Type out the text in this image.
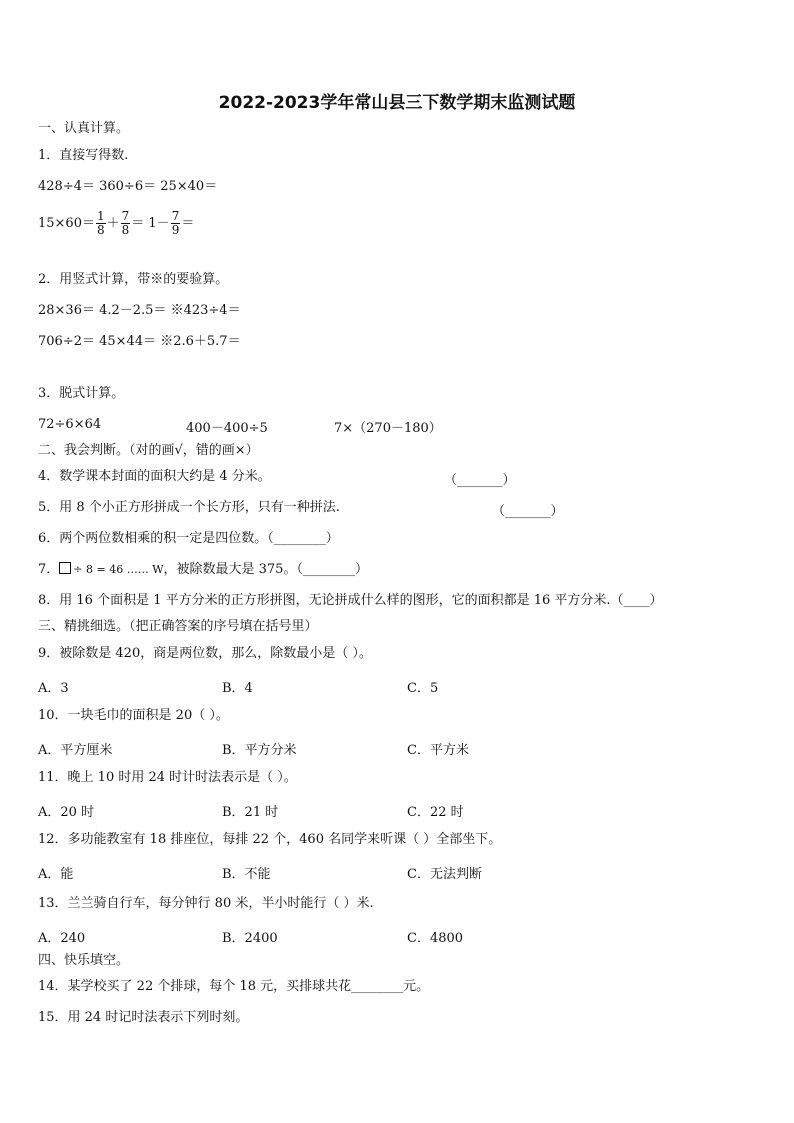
2022-2023学年常山县三下数学期末监测试题
一、认真计算。
1．直接写得数.
428÷4＝ 360÷6＝ 25×40＝
$15\times 60= \frac{1}{8} + \frac{7}{8} = 1- \frac{7}{9}$ ＝
2．用竖式计算，带※的要验算。
28×36＝ 4.2－2.5＝ ※423÷4＝
706÷2＝ 45×44＝ ※2.6＋5.7＝
3．脱式计算。
72÷6×64	400－400÷5	7×（270－180）
二、我会判断。（对的画√，错的画×）
4．数学课本封面的面积大约是 4 分米。	（_______）
5．用 8 个小正方形拼成一个长方形，只有一种拼法.	（_______）
6．两个两位数相乘的积一定是四位数。（________）
7． ÷ 8 = 46 …… W，被除数最大是 375。（________）
8．用 16 个面积是 1 平方分米的正方形拼图，无论拼成什么样的图形，它的面积都是 16 平方分米.（____）
三、精挑细选。（把正确答案的序号填在括号里）
9．被除数是 420，商是两位数，那么，除数最小是（ ）。
A．3	B．4	C．5
10．一块毛巾的面积是 20（ ）。
A．平方厘米	B．平方分米	C．平方米
11．晚上 10 时用 24 时计时法表示是（ ）。
A．20 时	B．21 时	C．22 时
12．多功能教室有 18 排座位，每排 22 个，460 名同学来听课（ ）全部坐下。
A．能	B．不能	C．无法判断
13．兰兰骑自行车，每分钟行 80 米，半小时能行（ ）米.
A．240	B．2400	C．4800
四、快乐填空。
14．某学校买了 22 个排球，每个 18 元，买排球共花________元。
15．用 24 时记时法表示下列时刻。
